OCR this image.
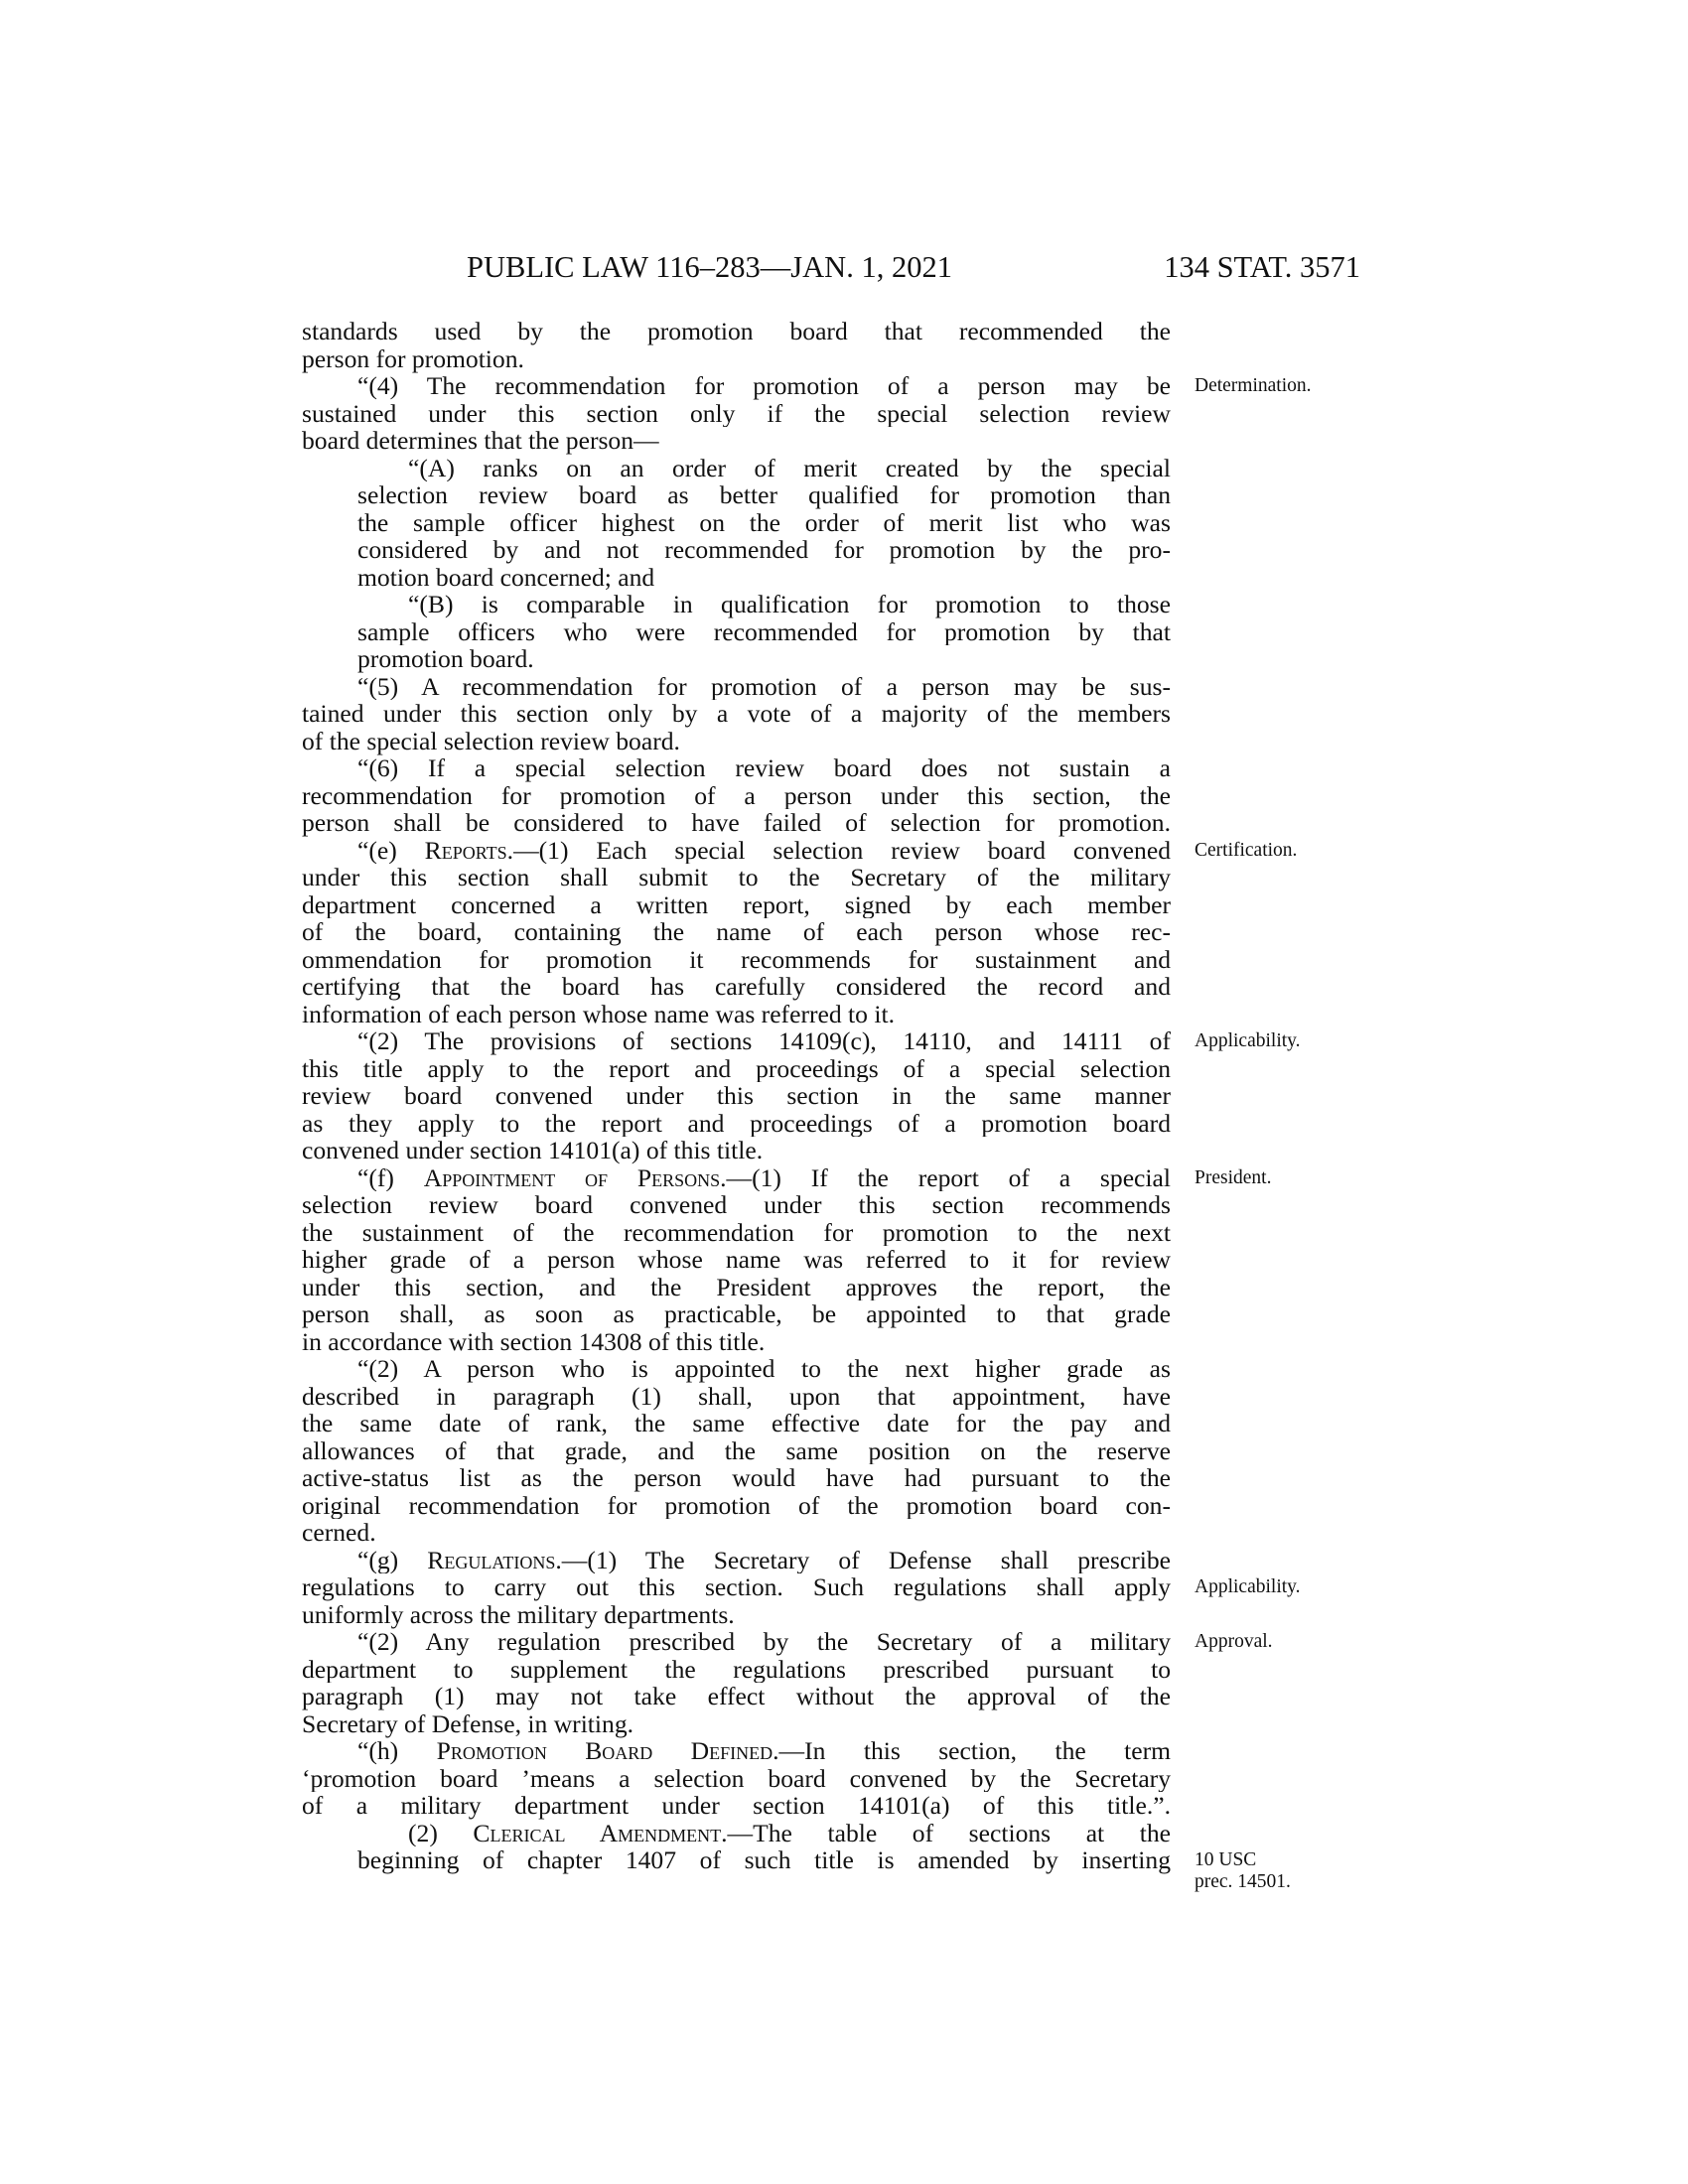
PUBLIC LAW 116–283—JAN. 1, 2021	134 STAT. 3571
standards used by the promotion board that recommended the
person for promotion.
“(4) The recommendation for promotion of a person may be
sustained under this section only if the special selection review
board determines that the person—
“(A) ranks on an order of merit created by the special
selection review board as better qualified for promotion than
the sample officer highest on the order of merit list who was
considered by and not recommended for promotion by the pro-
motion board concerned; and
“(B) is comparable in qualification for promotion to those
sample officers who were recommended for promotion by that
promotion board.
“(5) A recommendation for promotion of a person may be sus-
tained under this section only by a vote of a majority of the members
of the special selection review board.
“(6) If a special selection review board does not sustain a
recommendation for promotion of a person under this section, the
person shall be considered to have failed of selection for promotion.
“(e) Reports.—(1) Each special selection review board convened
under this section shall submit to the Secretary of the military
department concerned a written report, signed by each member
of the board, containing the name of each person whose rec-
ommendation for promotion it recommends for sustainment and
certifying that the board has carefully considered the record and
information of each person whose name was referred to it.
“(2) The provisions of sections 14109(c), 14110, and 14111 of
this title apply to the report and proceedings of a special selection
review board convened under this section in the same manner
as they apply to the report and proceedings of a promotion board
convened under section 14101(a) of this title.
“(f) Appointment of Persons.—(1) If the report of a special
selection review board convened under this section recommends
the sustainment of the recommendation for promotion to the next
higher grade of a person whose name was referred to it for review
under this section, and the President approves the report, the
person shall, as soon as practicable, be appointed to that grade
in accordance with section 14308 of this title.
“(2) A person who is appointed to the next higher grade as
described in paragraph (1) shall, upon that appointment, have
the same date of rank, the same effective date for the pay and
allowances of that grade, and the same position on the reserve
active-status list as the person would have had pursuant to the
original recommendation for promotion of the promotion board con-
cerned.
“(g) Regulations.—(1) The Secretary of Defense shall prescribe
regulations to carry out this section. Such regulations shall apply
uniformly across the military departments.
“(2) Any regulation prescribed by the Secretary of a military
department to supplement the regulations prescribed pursuant to
paragraph (1) may not take effect without the approval of the
Secretary of Defense, in writing.
“(h) Promotion Board Defined.—In this section, the term
‘promotion board ’means a selection board convened by the Secretary
of a military department under section 14101(a) of this title.”.
(2) Clerical Amendment.—The table of sections at the
beginning of chapter 1407 of such title is amended by inserting
Determination.
Certification.
Applicability.
President.
Applicability.
Approval.
10 USC
prec. 14501.
